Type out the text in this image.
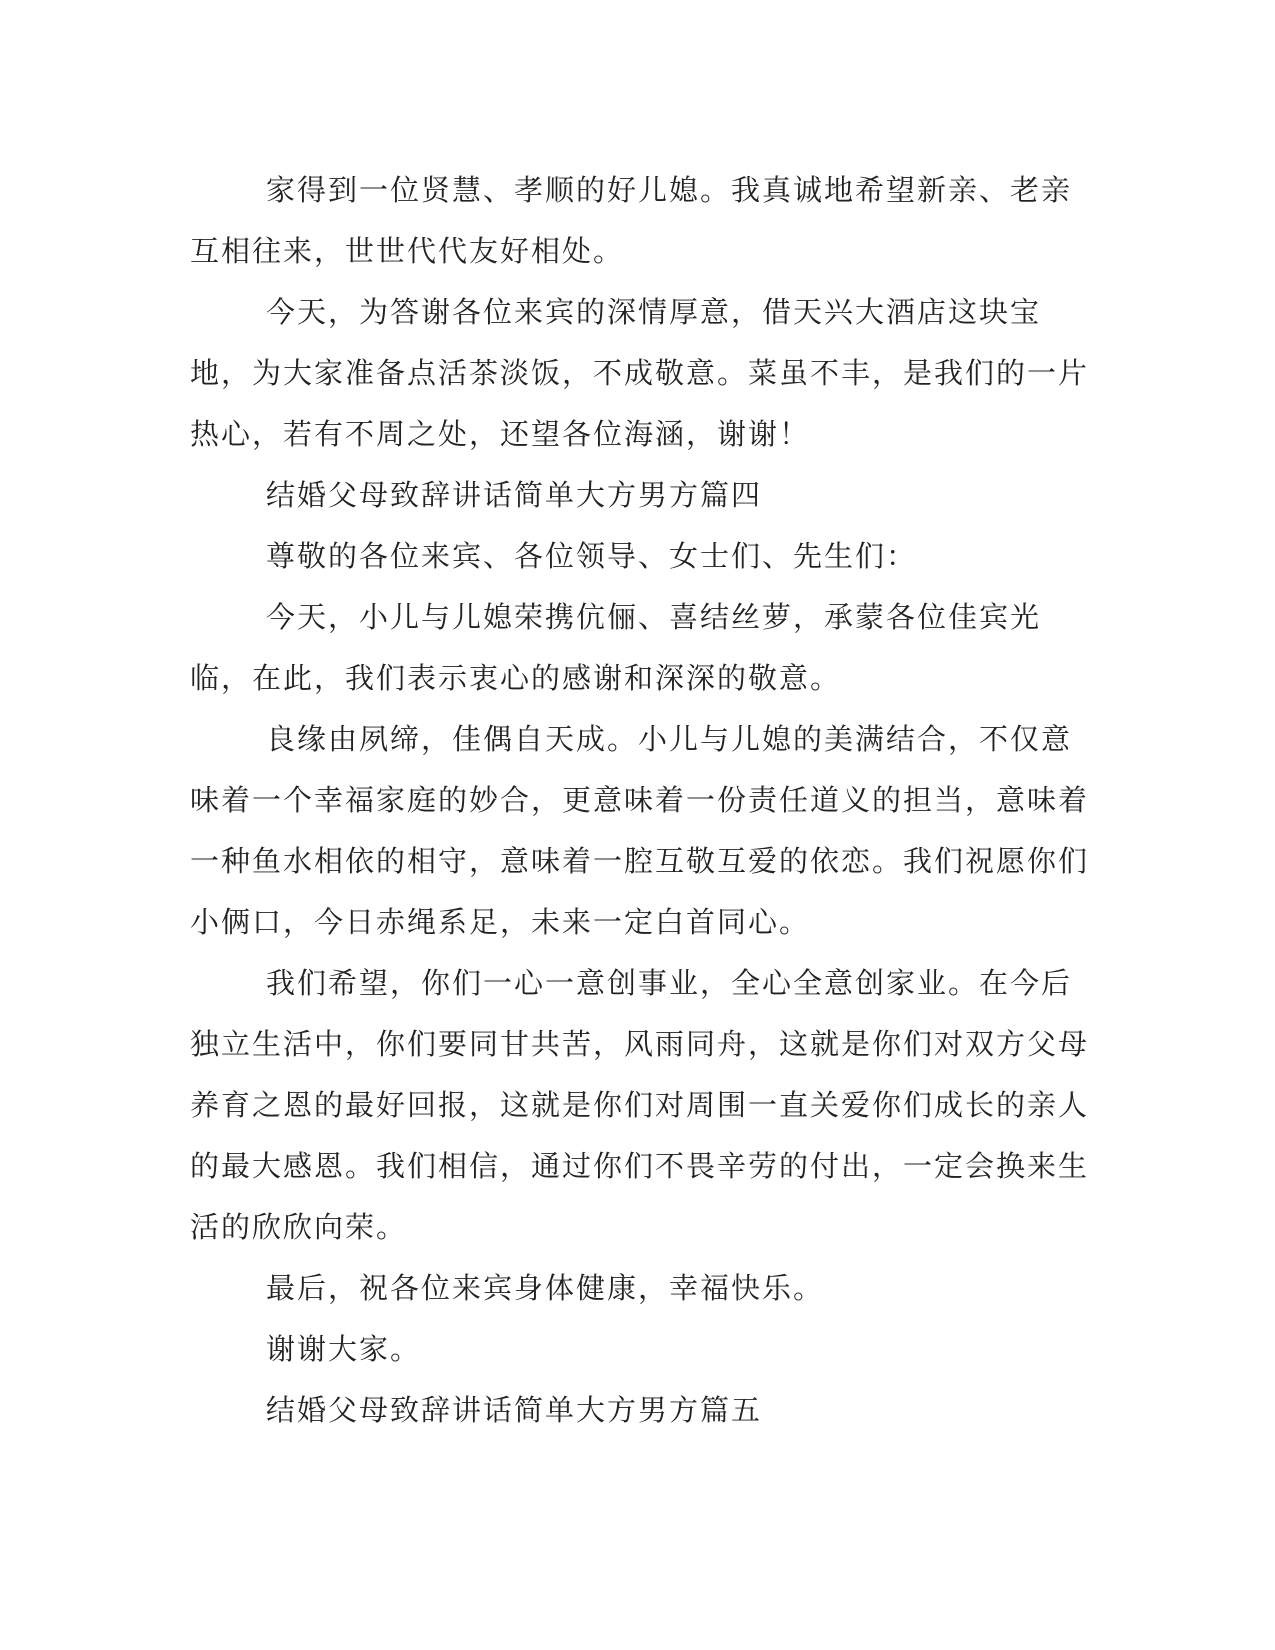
家得到一位贤慧、孝顺的好儿媳。我真诚地希望新亲、老亲互相往来，世世代代友好相处。

今天，为答谢各位来宾的深情厚意，借天兴大酒店这块宝地，为大家准备点活茶淡饭，不成敬意。菜虽不丰，是我们的一片热心，若有不周之处，还望各位海涵，谢谢！

结婚父母致辞讲话简单大方男方篇四

尊敬的各位来宾、各位领导、女士们、先生们：

今天，小儿与儿媳荣携伉俪、喜结丝萝，承蒙各位佳宾光临，在此，我们表示衷心的感谢和深深的敬意。

良缘由夙缔，佳偶自天成。小儿与儿媳的美满结合，不仅意味着一个幸福家庭的妙合，更意味着一份责任道义的担当，意味着一种鱼水相依的相守，意味着一腔互敬互爱的依恋。我们祝愿你们小俩口，今日赤绳系足，未来一定白首同心。

我们希望，你们一心一意创事业，全心全意创家业。在今后独立生活中，你们要同甘共苦，风雨同舟，这就是你们对双方父母养育之恩的最好回报，这就是你们对周围一直关爱你们成长的亲人的最大感恩。我们相信，通过你们不畏辛劳的付出，一定会换来生活的欣欣向荣。

最后，祝各位来宾身体健康，幸福快乐。

谢谢大家。

结婚父母致辞讲话简单大方男方篇五
